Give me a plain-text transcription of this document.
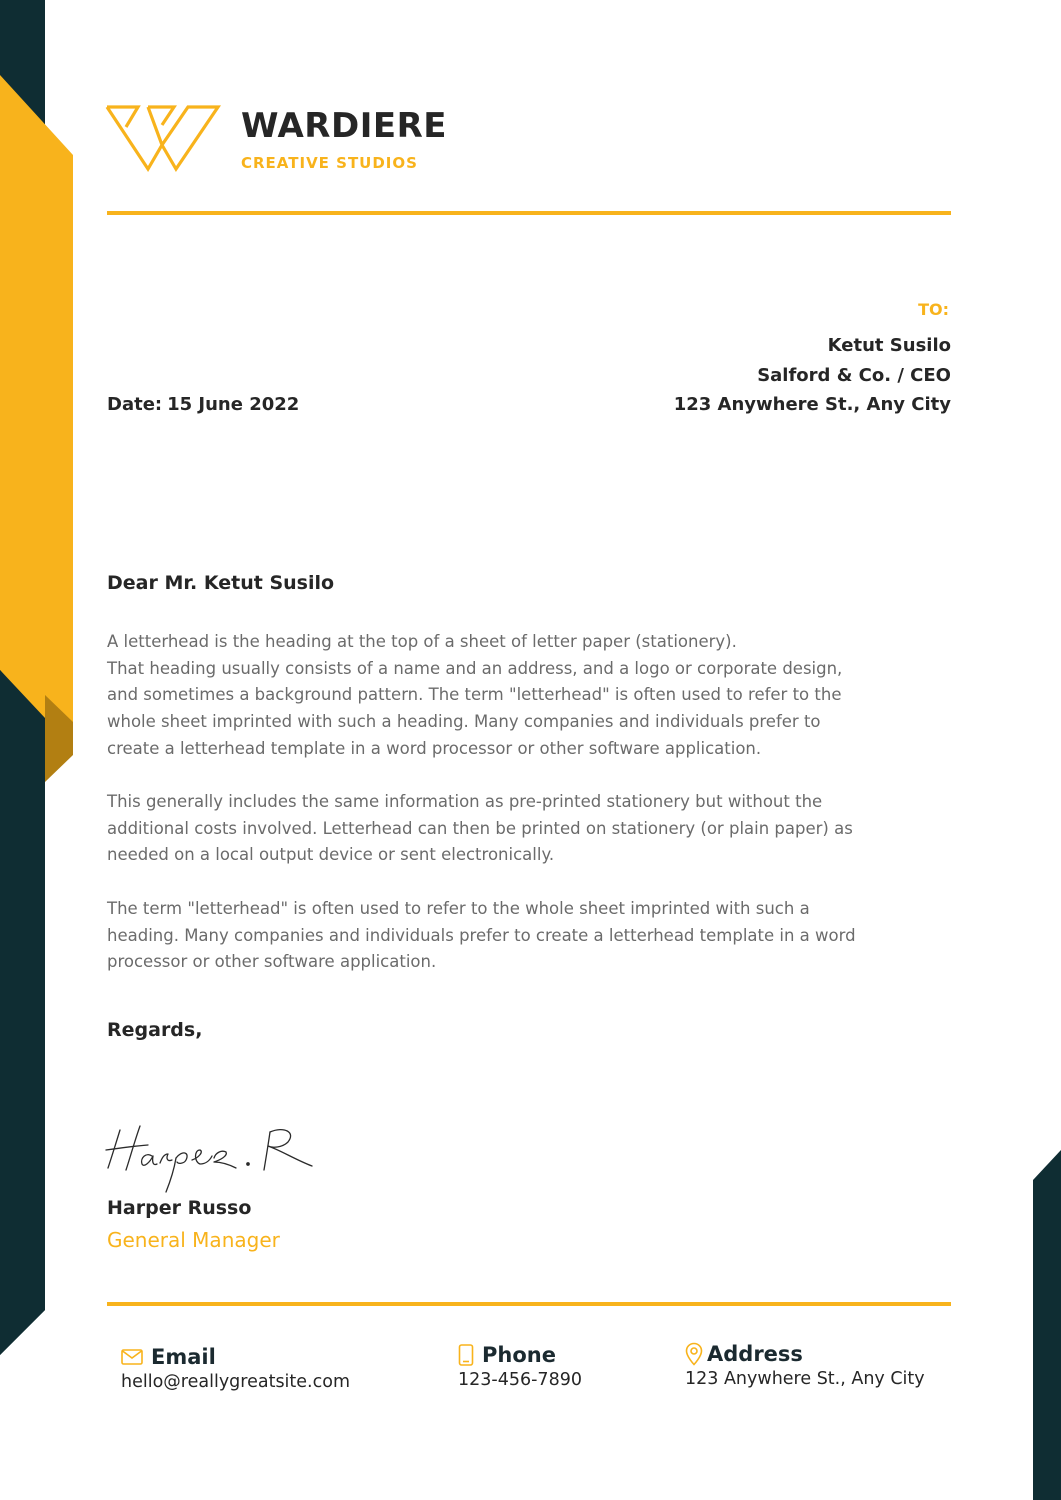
WARDIERE
CREATIVE STUDIOS
TO:
Ketut Susilo
Salford & Co. / CEO
123 Anywhere St., Any City
Date: 15 June 2022
Dear Mr. Ketut Susilo
A letterhead is the heading at the top of a sheet of letter paper (stationery).
That heading usually consists of a name and an address, and a logo or corporate design,
and sometimes a background pattern. The term "letterhead" is often used to refer to the
whole sheet imprinted with such a heading. Many companies and individuals prefer to
create a letterhead template in a word processor or other software application.
This generally includes the same information as pre-printed stationery but without the
additional costs involved. Letterhead can then be printed on stationery (or plain paper) as
needed on a local output device or sent electronically.
The term "letterhead" is often used to refer to the whole sheet imprinted with such a
heading. Many companies and individuals prefer to create a letterhead template in a word
processor or other software application.
Regards,
Harper Russo
General Manager
Email
hello@reallygreatsite.com
Phone
123-456-7890
Address
123 Anywhere St., Any City
